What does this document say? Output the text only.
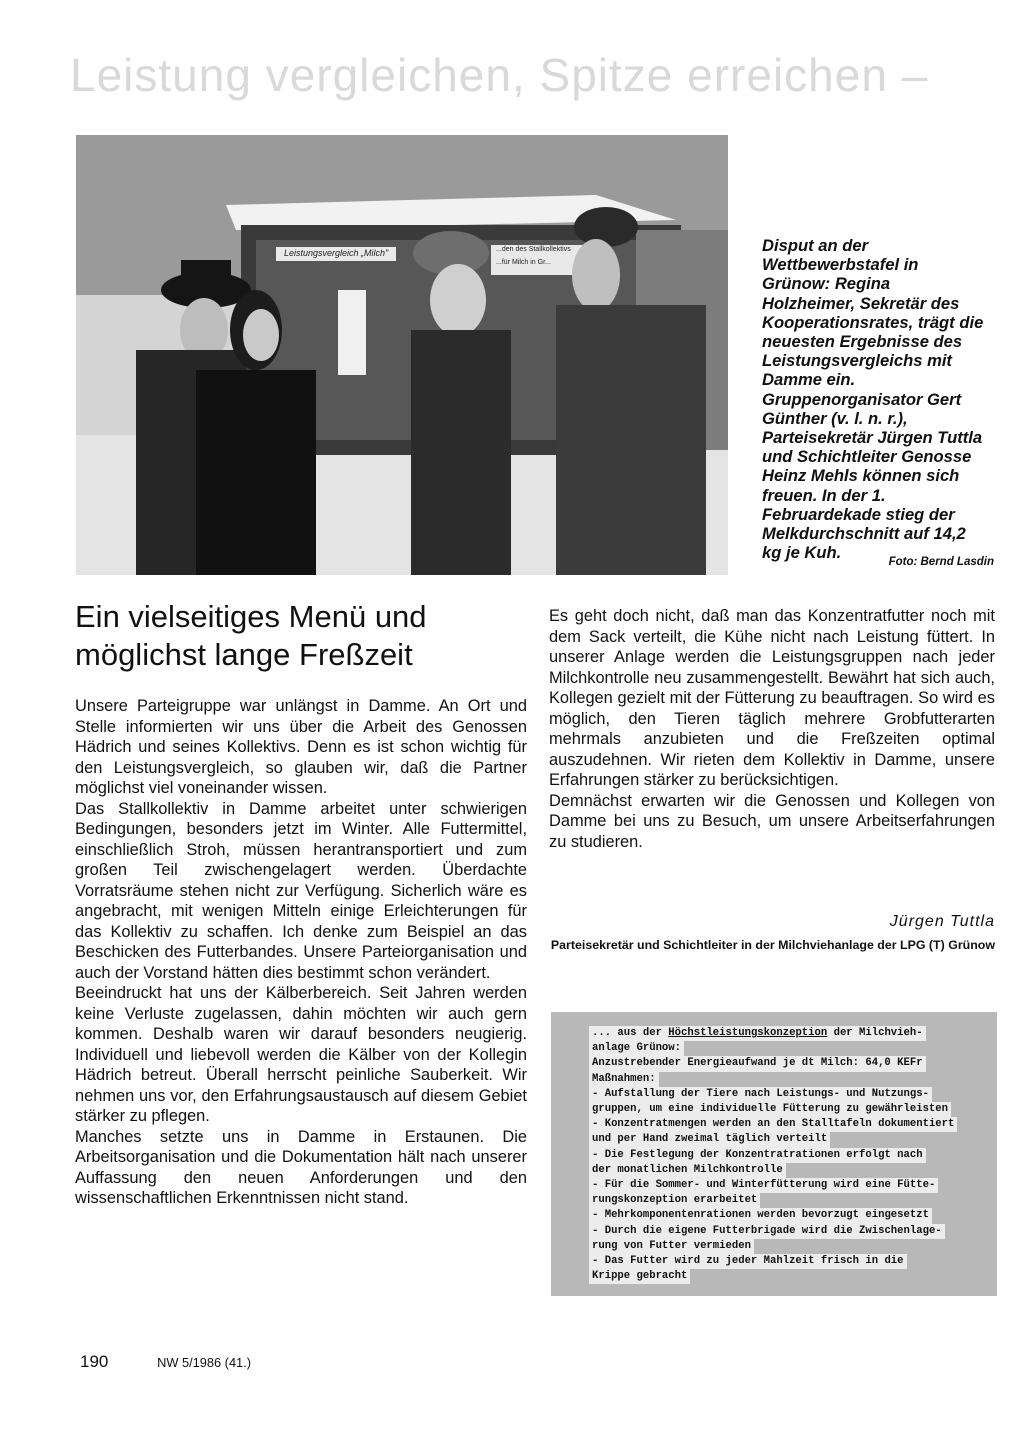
Leistung vergleichen, Spitze erreichen –
Leistungsvergleich „Milch"	...den des Stallkollektivs
...für Milch in Gr...

Disput an der Wettbewerbstafel in Grünow: Regina Holzheimer, Sekretär des Kooperationsrates, trägt die neuesten Ergebnisse des Leistungsvergleichs mit Damme ein. Gruppenorganisator Gert Günther (v. l. n. r.), Parteisekretär Jürgen Tuttla und Schichtleiter Genosse Heinz Mehls können sich freuen. In der 1. Februardekade stieg der Melkdurchschnitt auf 14,2 kg je Kuh.	Foto: Bernd Lasdin
Ein vielseitiges Menü und
möglichst lange Freßzeit

Unsere Parteigruppe war unlängst in Damme. An Ort und Stelle informierten wir uns über die Arbeit des Genossen Hädrich und seines Kollektivs. Denn es ist schon wichtig für den Leistungsvergleich, so glauben wir, daß die Partner möglichst viel voneinander wissen.

Das Stallkollektiv in Damme arbeitet unter schwierigen Bedingungen, besonders jetzt im Winter. Alle Futtermittel, einschließlich Stroh, müssen herantransportiert und zum großen Teil zwischengelagert werden. Überdachte Vorratsräume stehen nicht zur Verfügung. Sicherlich wäre es angebracht, mit wenigen Mitteln einige Erleichterungen für das Kollektiv zu schaffen. Ich denke zum Beispiel an das Beschicken des Futterbandes. Unsere Parteiorganisation und auch der Vorstand hätten dies bestimmt schon verändert.

Beeindruckt hat uns der Kälberbereich. Seit Jahren werden keine Verluste zugelassen, dahin möchten wir auch gern kommen. Deshalb waren wir darauf besonders neugierig. Individuell und liebevoll werden die Kälber von der Kollegin Hädrich betreut. Überall herrscht peinliche Sauberkeit. Wir nehmen uns vor, den Erfahrungsaustausch auf diesem Gebiet stärker zu pflegen.

Manches setzte uns in Damme in Erstaunen. Die Arbeitsorganisation und die Dokumentation hält nach unserer Auffassung den neuen Anforderungen und den wissenschaftlichen Erkenntnissen nicht stand.

Es geht doch nicht, daß man das Konzentratfutter noch mit dem Sack verteilt, die Kühe nicht nach Leistung füttert. In unserer Anlage werden die Leistungsgruppen nach jeder Milchkontrolle neu zusammengestellt. Bewährt hat sich auch, Kollegen gezielt mit der Fütterung zu beauftragen. So wird es möglich, den Tieren täglich mehrere Grobfutterarten mehrmals anzubieten und die Freßzeiten optimal auszudehnen. Wir rieten dem Kollektiv in Damme, unsere Erfahrungen stärker zu berücksichtigen.

Demnächst erwarten wir die Genossen und Kollegen von Damme bei uns zu Besuch, um unsere Arbeitserfahrungen zu studieren.

Jürgen Tuttla
Parteisekretär und Schichtleiter in der Milchviehanlage der LPG (T) Grünow
... aus der Höchstleistungskonzeption der Milchvieh-
anlage Grünow:
Anzustrebender Energieaufwand je dt Milch: 64,0 KEFr
Maßnahmen:
- Aufstallung der Tiere nach Leistungs- und Nutzungs-
gruppen, um eine individuelle Fütterung zu gewährleisten
- Konzentratmengen werden an den Stalltafeln dokumentiert
und per Hand zweimal täglich verteilt
- Die Festlegung der Konzentratrationen erfolgt nach
der monatlichen Milchkontrolle
- Für die Sommer- und Winterfütterung wird eine Fütte-
rungskonzeption erarbeitet
- Mehrkomponentenrationen werden bevorzugt eingesetzt
- Durch die eigene Futterbrigade wird die Zwischenlage-
rung von Futter vermieden
- Das Futter wird zu jeder Mahlzeit frisch in die
Krippe gebracht
190	NW 5/1986 (41.)
